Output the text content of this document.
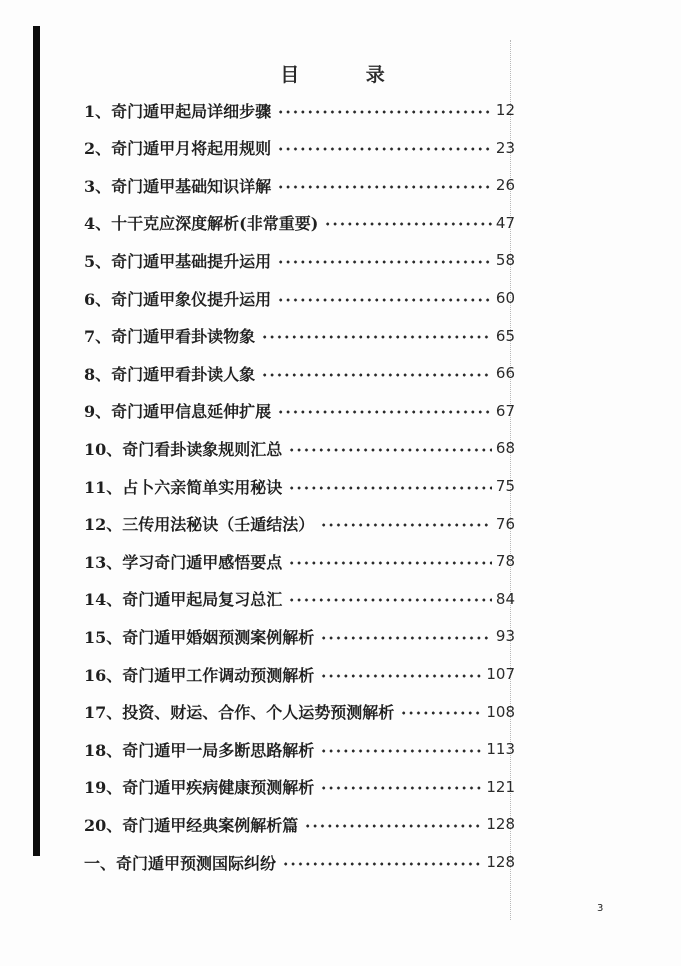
目 录
1、 奇门遁甲起局详细步骤	12
2、 奇门遁甲月将起用规则	23
3、 奇门遁甲基础知识详解	26
4、 十干克应深度解析(非常重要)	47
5、 奇门遁甲基础提升运用	58
6、 奇门遁甲象仪提升运用	60
7、 奇门遁甲看卦读物象	65
8、 奇门遁甲看卦读人象	66
9、 奇门遁甲信息延伸扩展	67
10、 奇门看卦读象规则汇总	68
11、 占卜六亲简单实用秘诀	75
12、 三传用法秘诀（壬遁结法）	76
13、 学习奇门遁甲感悟要点	78
14、 奇门遁甲起局复习总汇	84
15、 奇门遁甲婚姻预测案例解析	93
16、 奇门遁甲工作调动预测解析	107
17、 投资、财运、合作、个人运势预测解析	108
18、 奇门遁甲一局多断思路解析	113
19、 奇门遁甲疾病健康预测解析	121
20、 奇门遁甲经典案例解析篇	128
一、 奇门遁甲预测国际纠纷	128
3
